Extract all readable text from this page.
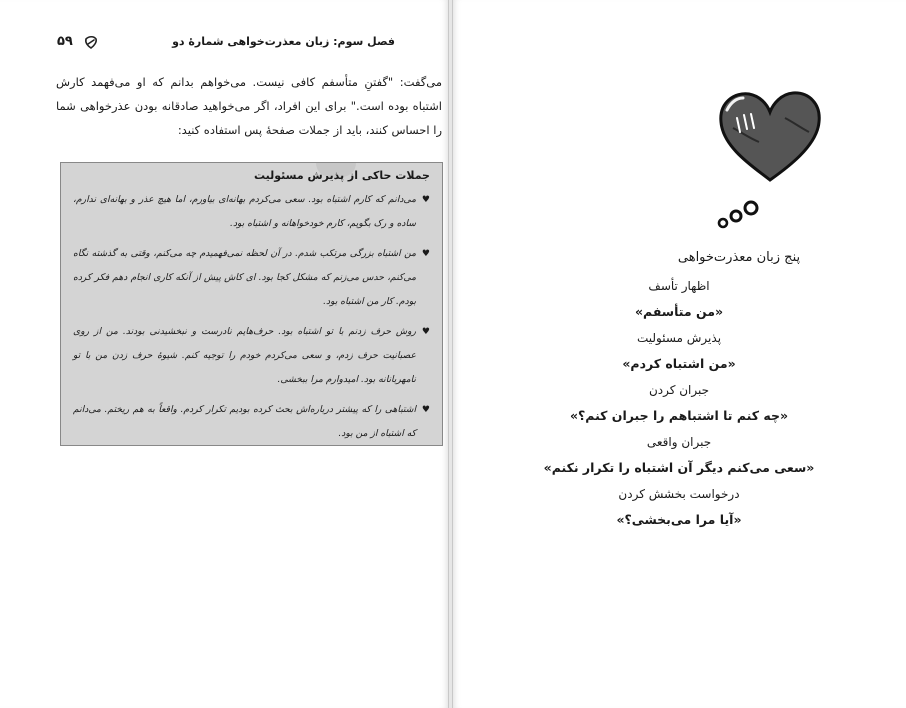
۵۹	فصل سوم: زبان معذرت‌خواهی شمارهٔ دو

می‌گفت: "گفتنِ متأسفم کافی نیست. می‌خواهم بدانم که او می‌فهمد کارش اشتباه بوده است." برای این افراد، اگر می‌خواهید صادقانه بودن عذرخواهی شما را احساس کنند، باید از جملات صفحهٔ پس استفاده کنید:

جملات حاکی از پذیرش مسئولیت
♥
می‌دانم که کارم اشتباه بود. سعی می‌کردم بهانه‌ای بیاورم، اما هیچ عذر و بهانه‌ای ندارم، ساده و رک بگویم، کارم خودخواهانه و اشتباه بود.
♥
من اشتباه بزرگی مرتکب شدم. در آن لحظه نمی‌فهمیدم چه می‌کنم، وقتی به گذشته نگاه می‌کنم، حدس می‌زنم که مشکل کجا بود. ای کاش پیش از آنکه کاری انجام دهم فکر کرده بودم. کار من اشتباه بود.
♥
روش حرف زدنم با تو اشتباه بود. حرف‌هایم نادرست و نبخشیدنی بودند. من از روی عصبانیت حرف زدم، و سعی می‌کردم خودم را توجیه کنم. شیوهٔ حرف زدن من با تو نامهربانانه بود. امیدوارم مرا ببخشی.
♥
اشتباهی را که پیشتر درباره‌اش بحث کرده بودیم تکرار کردم. واقعاً به هم ریختم. می‌دانم که اشتباه از من بود.
پنج زبان معذرت‌خواهی
اظهار تأسف
«من متأسفم»
پذیرش مسئولیت
«من اشتباه کردم»
جبران کردن
«چه کنم تا اشتباهم را جبران کنم؟»
جبران واقعی
«سعی می‌کنم دیگر آن اشتباه را تکرار نکنم»
درخواست بخشش کردن
«آیا مرا می‌بخشی؟»
